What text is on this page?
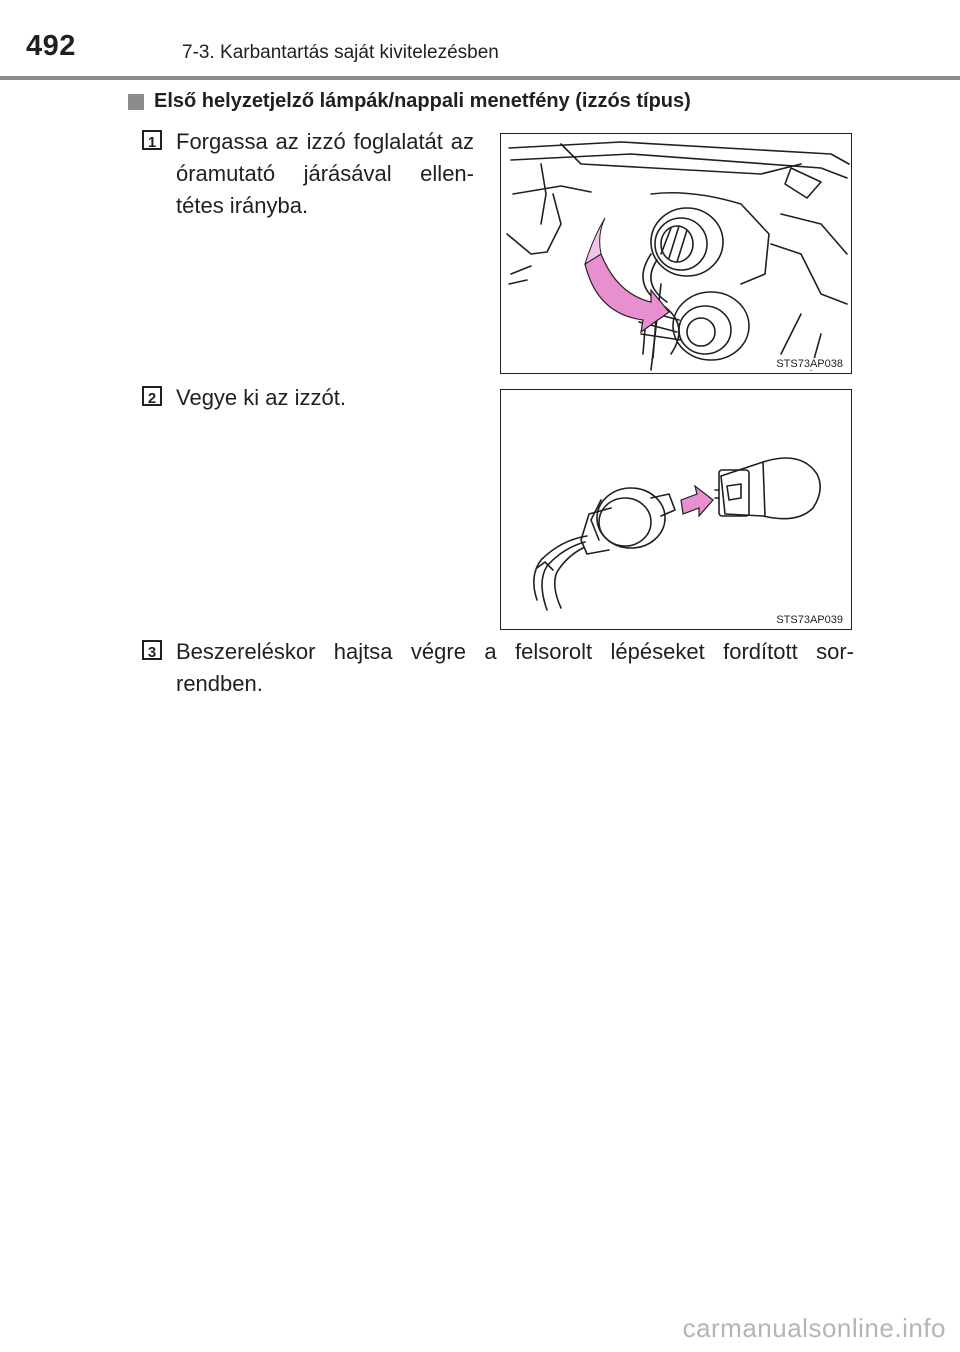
492	7-3. Karbantartás saját kivitelezésben
Első helyzetjelző lámpák/nappali menetfény (izzós típus)
1 Forgassa az izzó foglalatát az óramutató járásával ellen-tétes irányba.
STS73AP038
2 Vegye ki az izzót.
STS73AP039
3 Beszereléskor hajtsa végre a felsorolt lépéseket fordított sor-rendben.
carmanualsonline.info
